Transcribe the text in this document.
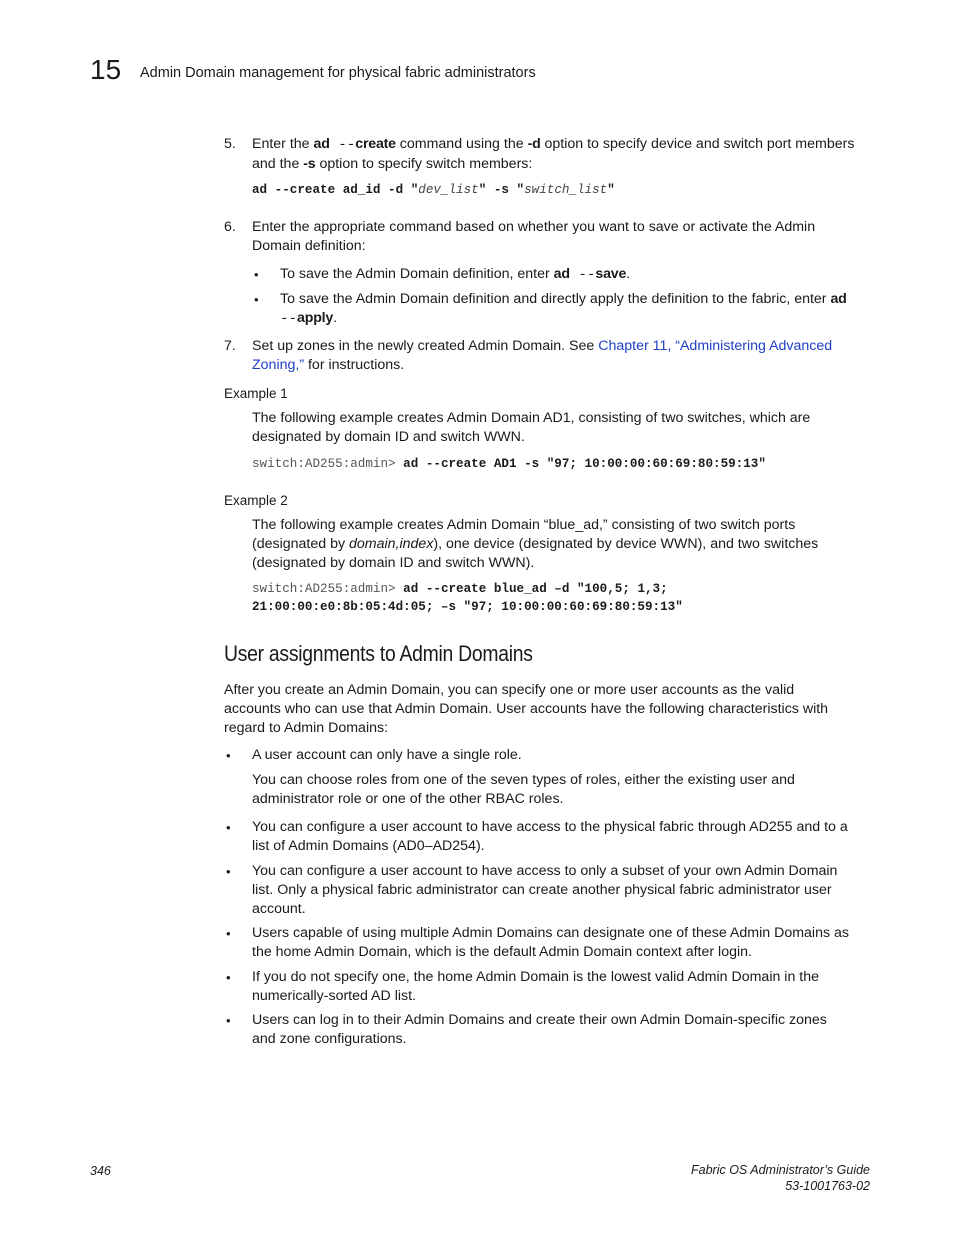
15 Admin Domain management for physical fabric administrators
5. Enter the ad --create command using the -d option to specify device and switch port members
and the -s option to specify switch members:
ad --create ad_id -d "dev_list" -s "switch_list"
6. Enter the appropriate command based on whether you want to save or activate the Admin
Domain definition:
• To save the Admin Domain definition, enter ad --save.
• To save the Admin Domain definition and directly apply the definition to the fabric, enter ad
--apply.
7. Set up zones in the newly created Admin Domain. See Chapter 11, “Administering Advanced
Zoning,” for instructions.
Example 1
The following example creates Admin Domain AD1, consisting of two switches, which are
designated by domain ID and switch WWN.
switch:AD255:admin> ad --create AD1 -s "97; 10:00:00:60:69:80:59:13"
Example 2
The following example creates Admin Domain “blue_ad,” consisting of two switch ports
(designated by domain,index), one device (designated by device WWN), and two switches
(designated by domain ID and switch WWN).
switch:AD255:admin> ad --create blue_ad –d "100,5; 1,3;
21:00:00:e0:8b:05:4d:05; –s "97; 10:00:00:60:69:80:59:13"
User assignments to Admin Domains
After you create an Admin Domain, you can specify one or more user accounts as the valid
accounts who can use that Admin Domain. User accounts have the following characteristics with
regard to Admin Domains:
• A user account can only have a single role.
You can choose roles from one of the seven types of roles, either the existing user and
administrator role or one of the other RBAC roles.
• You can configure a user account to have access to the physical fabric through AD255 and to a
list of Admin Domains (AD0–AD254).
• You can configure a user account to have access to only a subset of your own Admin Domain
list. Only a physical fabric administrator can create another physical fabric administrator user
account.
• Users capable of using multiple Admin Domains can designate one of these Admin Domains as
the home Admin Domain, which is the default Admin Domain context after login.
• If you do not specify one, the home Admin Domain is the lowest valid Admin Domain in the
numerically-sorted AD list.
• Users can log in to their Admin Domains and create their own Admin Domain-specific zones
and zone configurations.
346	Fabric OS Administrator’s Guide
53-1001763-02
